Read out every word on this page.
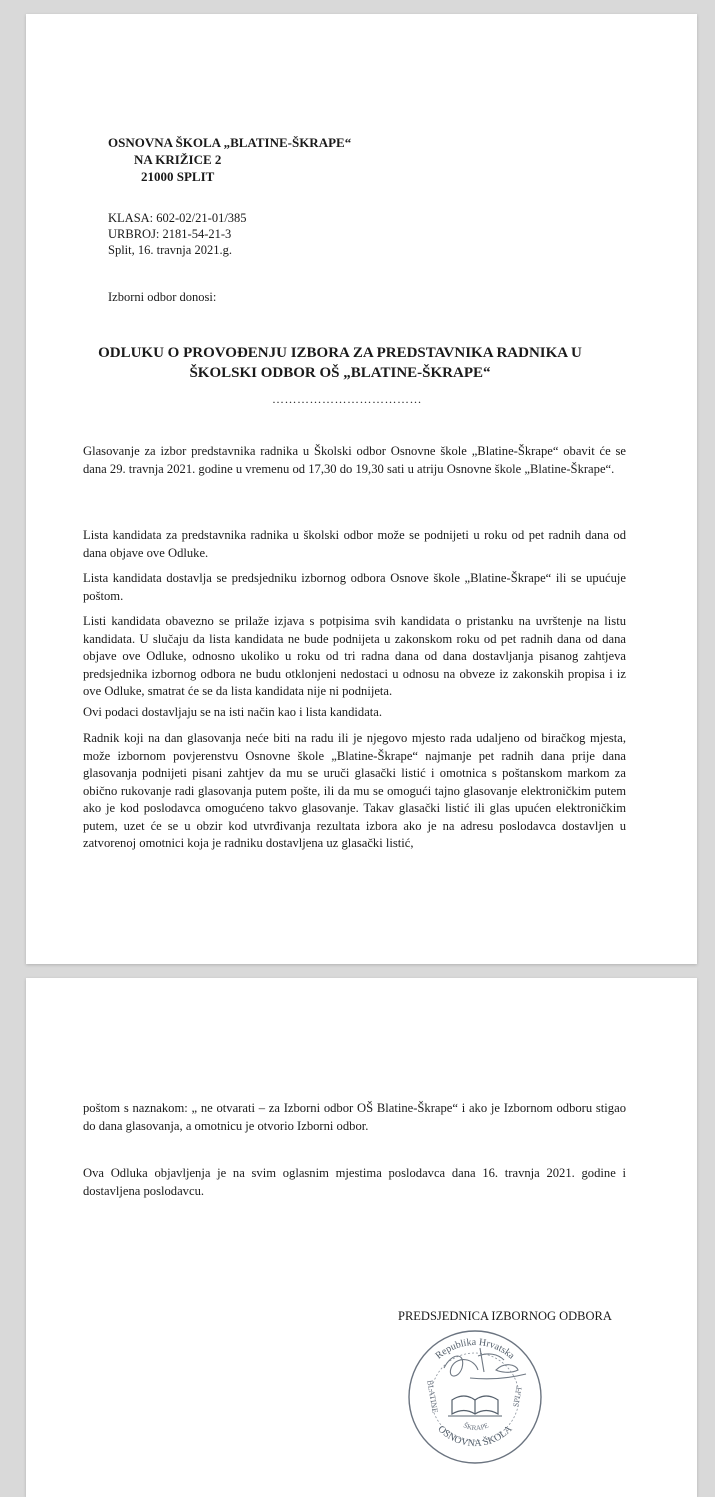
OSNOVNA ŠKOLA „BLATINE-ŠKRAPE“
NA KRIŽICE 2
21000 SPLIT
KLASA: 602-02/21-01/385
URBROJ: 2181-54-21-3
Split, 16. travnja 2021.g.
Izborni odbor donosi:
ODLUKU O PROVOĐENJU IZBORA ZA PREDSTAVNIKA RADNIKA U
ŠKOLSKI ODBOR OŠ „BLATINE-ŠKRAPE“
………………………………
Glasovanje za izbor predstavnika radnika u Školski odbor Osnovne škole „Blatine-Škrape“ obavit će se dana 29. travnja 2021. godine u vremenu od 17,30 do 19,30 sati u atriju Osnovne škole „Blatine-Škrape“.
Lista kandidata za predstavnika radnika u školski odbor može se podnijeti u roku od pet radnih dana od dana objave ove Odluke.
Lista kandidata dostavlja se predsjedniku izbornog odbora Osnove škole „Blatine-Škrape“ ili se upućuje poštom.
Listi kandidata obavezno se prilaže izjava s potpisima svih kandidata o pristanku na uvrštenje na listu kandidata. U slučaju da lista kandidata ne bude podnijeta u zakonskom roku od pet radnih dana od dana objave ove Odluke, odnosno ukoliko u roku od tri radna dana od dana dostavljanja pisanog zahtjeva predsjednika izbornog odbora ne budu otklonjeni nedostaci u odnosu na obveze iz zakonskih propisa i iz ove Odluke, smatrat će se da lista kandidata nije ni podnijeta.
Ovi podaci dostavljaju se na isti način kao i lista kandidata.
Radnik koji na dan glasovanja neće biti na radu ili je njegovo mjesto rada udaljeno od biračkog mjesta, može izbornom povjerenstvu Osnovne škole „Blatine-Škrape“ najmanje pet radnih dana prije dana glasovanja podnijeti pisani zahtjev da mu se uruči glasački listić i omotnica s poštanskom markom za obično rukovanje radi glasovanja putem pošte, ili da mu se omogući tajno glasovanje elektroničkim putem ako je kod poslodavca omogućeno takvo glasovanje. Takav glasački listić ili glas upućen elektroničkim putem, uzet će se u obzir kod utvrđivanja rezultata izbora ako je na adresu poslodavca dostavljen u zatvorenoj omotnici koja je radniku dostavljena uz glasački listić,
poštom s naznakom: „ ne otvarati – za Izborni odbor OŠ Blatine-Škrape“ i ako je Izbornom odboru stigao do dana glasovanja, a omotnicu je otvorio Izborni odbor.
Ova Odluka objavljenja je na svim oglasnim mjestima poslodavca dana 16. travnja 2021. godine i dostavljena poslodavcu.
PREDSJEDNICA IZBORNOG ODBORA
Republika Hrvatska
OSNOVNA ŠKOLA
ŠKRAPE
BLATINE	SPLIT
